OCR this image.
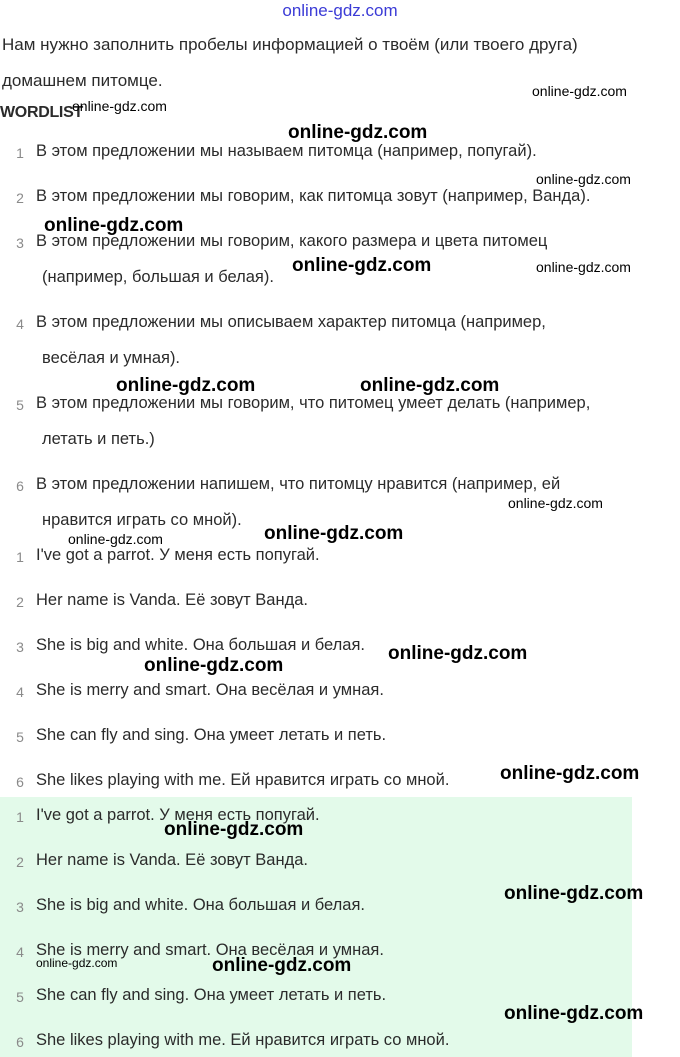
online-gdz.com
Нам нужно заполнить пробелы информацией о твоём (или твоего друга)
домашнем питомце.
WORDLIST
1 В этом предложении мы называем питомца (например, попугай).
2 В этом предложении мы говорим, как питомца зовут (например, Ванда).
3 В этом предложении мы говорим, какого размера и цвета питомец
(например, большая и белая).
4 В этом предложении мы описываем характер питомца (например,
весёлая и умная).
5 В этом предложении мы говорим, что питомец умеет делать (например,
летать и петь.)
6 В этом предложении напишем, что питомцу нравится (например, ей
нравится играть со мной).
1 I've got a parrot. У меня есть попугай.
2 Her name is Vanda. Её зовут Ванда.
3 She is big and white. Она большая и белая.
4 She is merry and smart. Она весёлая и умная.
5 She can fly and sing. Она умеет летать и петь.
6 She likes playing with me. Ей нравится играть со мной.
1 I've got a parrot. У меня есть попугай.
2 Her name is Vanda. Её зовут Ванда.
3 She is big and white. Она большая и белая.
4 She is merry and smart. Она весёлая и умная.
5 She can fly and sing. Она умеет летать и петь.
6 She likes playing with me. Ей нравится играть со мной.
online-gdz.com
online-gdz.com
online-gdz.com
online-gdz.com
online-gdz.com
online-gdz.com	online-gdz.com
online-gdz.com	online-gdz.com
online-gdz.com
online-gdz.com
online-gdz.com
online-gdz.com
online-gdz.com
online-gdz.com
online-gdz.com
online-gdz.com
online-gdz.com	online-gdz.com
online-gdz.com
